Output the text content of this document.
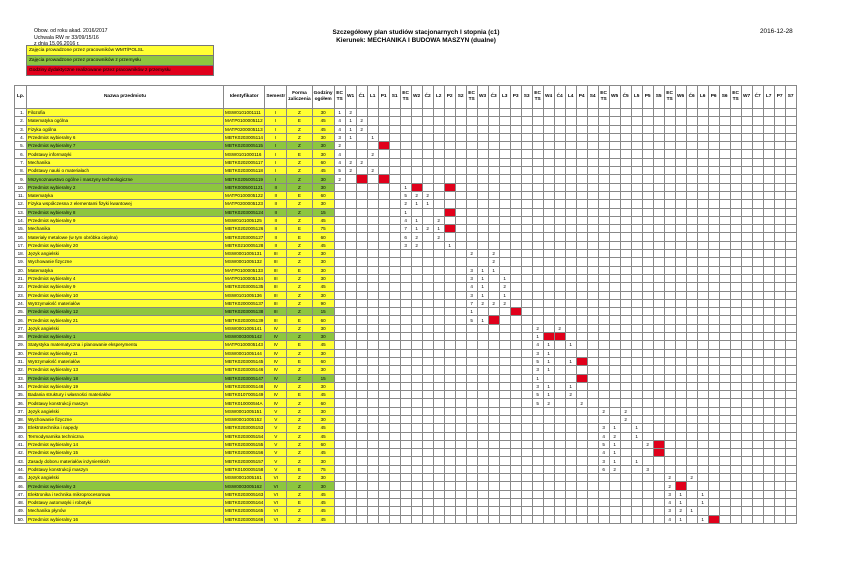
Obow. od roku akad. 2016/2017
Uchwala RW nr 33/09/15/16
Zajęcia prowadzone przez pracowników WMT/POLSL
Zajęcia prowadzone przez pracowników z przemysłu
Godziny dydaktyczne realizowane przez pracowników z przemysłu
Szczegółowy plan studiów stacjonarnych I stopnia (c1)
Kierunek: MECHANIKA I BUDOWA MASZYN (dualne)
2016-12-28
Lp.	Nazwa przedmiotu	Identyfikator	Semestr	Forma zaliczenia	Godziny ogółem	EC TS	W1	Ć1	L1	P1	S1	EC TS	W2	Ć2	L2	P2	S2	EC TS	W3	Ć3	L3	P3	S3	EC TS	W4	Ć4	L4	P4	S4	EC TS	W5	Ć5	L5	P5	S5	EC TS	W6	Ć6	L6	P6	S6	EC TS	W7	Ć7	L7	P7	S7
1.	Filozofia	MSW0101001111	I	Z	30	1	2																																								
2.	Matematyka ogólna	MATP0100005112	I	E	45	4	1	2																																							
3.	Fizyka ogólna	MATP0200005113	I	Z	45	4	1	2																																							
4.	Przedmiot wybieralny 6	MBTK0203005114	I	Z	30	3	1		1																																						
5.	Przedmiot wybieralny 7	MBTK0203005115	I	Z	30	2																																									
6.	Podstawy informatyki	MSW0101000116	I	E	30	4			2																																						
7.	Mechanika	MBTK0202005117	I	Z	60	4	2	2																																							
8.	Podstawy nauki o materiałach	MBTK0203005118	I	Z	45	5	2		2																																						
9.	Mszynoznawstwo ogólne i maszyny technologiczne	MBTK0205005119	I	Z	30	2																																									
10.	Przedmiot wybieralny 2	MBTK0005001121	II	Z	30							1																																			
11.	Matematyka	MATP0100005122	II	E	60							5	2	2																																	
12.	Fizyka współczesna z elementami fizyki kwantowej	MATP0200005123	II	Z	30							2	1	1																																	
13.	Przedmiot wybieralny 8	MBTK0203005124	II	Z	15							1																																			
14.	Przedmiot wybieralny 9	MSW0101005125	II	Z	45							4	1		2																																
15.	Mechanika	MBTK0202005126	II	E	75							7	1	2	1																																
16.	Materiały metalowe (w tym obróbka cieplna)	MBTK0203005127	II	E	60							6	2		2																																
17.	Przedmiot wybieralny 20	MBTK0210005128	II	Z	45							3	2			1																															
18.	Język angielski	MSW0001005131	III	Z	30													2		2																											
19.	Wychowanie fizyczne	MSW0001005132	III	Z	30															2																											
20.	Matematyka	MATP0100005133	III	E	30													3	1	1																											
21.	Przedmiot wybieralny 4	MATP0100005134	III	Z	30													3	1		1																										
22.	Przedmiot wybieralny 9	MBTK0203005135	III	Z	45													4	1		2																										
23.	Przedmiot wybieralny 10	MSW0101005136	III	Z	30													3	1		1																										
24.	Wytrzymałość materiałów	MBTK0200005137	III	Z	90													7	2	2	2																										
25.	Przedmiot wybieralny 12	MBTK0203005138	III	Z	15													1																													
26.	Przedmiot wybieralny 21	MBTK0203005139	III	E	60													5	1																												
27.	Język angielski	MSW0001005141	IV	Z	30																			2		2																					
28.	Przedmiot wybieralny 1	MSW0003005142	IV	Z	30																			1																							
29.	Statystyka matematyczna i planowanie eksperymentu	MATP0100005143	IV	E	45																			4	1		1																				
30.	Przedmiot wybieralny 11	MSW0001005144	IV	Z	30																			3	1																						
31.	Wytrzymałość materiałów	MBTK0203005145	IV	E	60																			5	1		1																				
32.	Przedmiot wybieralny 13	MBTK0203005146	IV	Z	30																			3	1																						
33.	Przedmiot wybieralny 18	MBTK0203005147	IV	Z	15																			1																							
34.	Przedmiot wybieralny 19	MBTK0203005148	IV	Z	30																			3	1		1																				
35.	Badania struktury i własności materiałów	MBTK0107005149	IV	E	45																			5	1		2																				
36.	Podstawy konstrukcji maszyn	MBTK0100005I4A	IV	Z	60																			5	2			2																			
37.	Język angielski	MSW0001005151	V	Z	30																									2		2															
38.	Wychowanie fizyczne	MSW0001005152	V	Z	30																											2															
39.	Elektrotechnika i napędy	MBTK0203005153	V	Z	45																									3	1		1														
40.	Termodynamika techniczna	MBTK0203005154	V	Z	45																									4	2		1														
41.	Przedmiot wybieralny 14	MBTK0203005155	V	Z	60																									5	1			2													
42.	Przedmiot wybieralny 15	MBTK0203005156	V	Z	45																									4	1																
43.	Zasady doboru materiałów inżynierskich	MBTK0203005157	V	Z	30																									3	1		1														
44.	Podstawy konstrukcji maszyn	MBTK0100005158	V	E	75																									6	2			3													
45.	Język angielski	MSW0001005161	VI	Z	30																															2		2									
46.	Przedmiot wybieralny 3	MSW0003005162	VI	Z	30																															2											
47.	Elektronika i technika mikroprocesorowa	MBTK0203005163	VI	Z	45																															3	1		1								
48.	Podstawy automatyki i robotyki	MBTK0203005164	VI	E	45																															4	1		1								
49.	Mechanika płynów	MBTK0203005165	VI	Z	45																															3	2	1									
50.	Przedmiot wybieralny 16	MBTK0203005166	VI	Z	45																															4	1		1								
